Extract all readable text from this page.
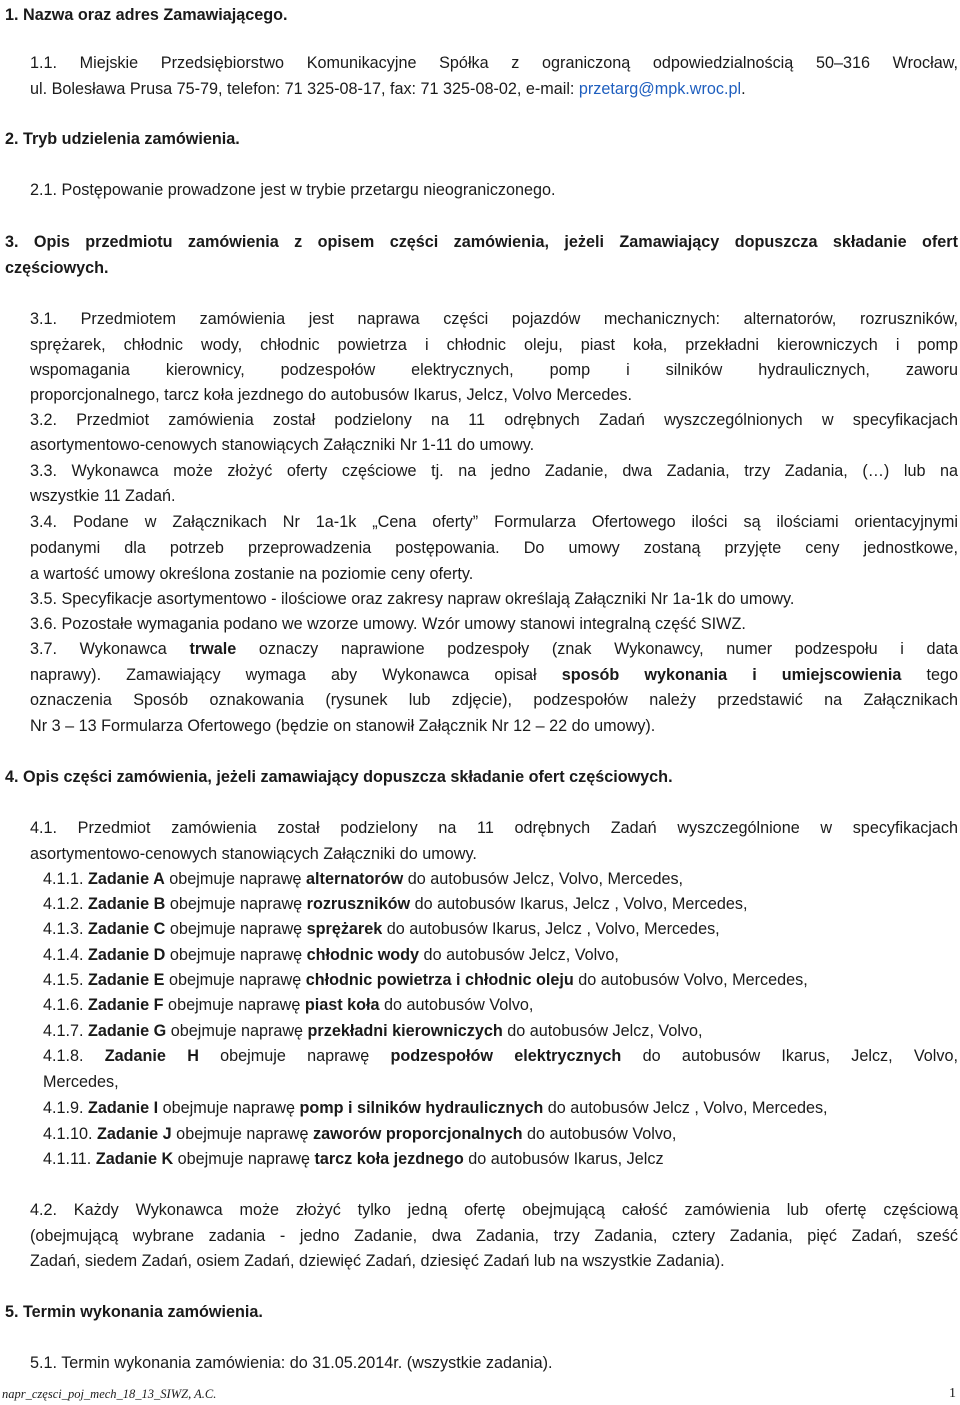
1. Nazwa oraz adres Zamawiającego.
1.1. Miejskie Przedsiębiorstwo Komunikacyjne Spółka z ograniczoną odpowiedzialnością 50–316 Wrocław,
ul. Bolesława Prusa 75-79, telefon: 71 325-08-17, fax: 71 325-08-02, e-mail: przetarg@mpk.wroc.pl.
2. Tryb udzielenia zamówienia.
2.1. Postępowanie prowadzone jest w trybie przetargu nieograniczonego.
3. Opis przedmiotu zamówienia z opisem części zamówienia, jeżeli Zamawiający dopuszcza składanie ofert
częściowych.
3.1. Przedmiotem zamówienia jest naprawa części pojazdów mechanicznych: alternatorów, rozruszników,
sprężarek, chłodnic wody, chłodnic powietrza i chłodnic oleju, piast koła, przekładni kierowniczych i pomp
wspomagania kierownicy, podzespołów elektrycznych, pomp i silników hydraulicznych, zaworu
proporcjonalnego, tarcz koła jezdnego do autobusów Ikarus, Jelcz, Volvo Mercedes.
3.2. Przedmiot zamówienia został podzielony na 11 odrębnych Zadań wyszczególnionych w specyfikacjach
asortymentowo-cenowych stanowiących Załączniki Nr 1-11 do umowy.
3.3. Wykonawca może złożyć oferty częściowe tj. na jedno Zadanie, dwa Zadania, trzy Zadania, (…) lub na
wszystkie 11 Zadań.
3.4. Podane w Załącznikach Nr 1a-1k „Cena oferty” Formularza Ofertowego ilości są ilościami orientacyjnymi
podanymi dla potrzeb przeprowadzenia postępowania. Do umowy zostaną przyjęte ceny jednostkowe,
a wartość umowy określona zostanie na poziomie ceny oferty.
3.5. Specyfikacje asortymentowo - ilościowe oraz zakresy napraw określają Załączniki Nr 1a-1k do umowy.
3.6. Pozostałe wymagania podano we wzorze umowy. Wzór umowy stanowi integralną część SIWZ.
3.7. Wykonawca trwale oznaczy naprawione podzespoły (znak Wykonawcy, numer podzespołu i data
naprawy). Zamawiający wymaga aby Wykonawca opisał sposób wykonania i umiejscowienia tego
oznaczenia Sposób oznakowania (rysunek lub zdjęcie), podzespołów należy przedstawić na Załącznikach
Nr 3 – 13 Formularza Ofertowego (będzie on stanowił Załącznik Nr 12 – 22 do umowy).
4. Opis części zamówienia, jeżeli zamawiający dopuszcza składanie ofert częściowych.
4.1. Przedmiot zamówienia został podzielony na 11 odrębnych Zadań wyszczególnione w specyfikacjach
asortymentowo-cenowych stanowiących Załączniki do umowy.
4.1.1. Zadanie A obejmuje naprawę alternatorów do autobusów Jelcz, Volvo, Mercedes,
4.1.2. Zadanie B obejmuje naprawę rozruszników do autobusów Ikarus, Jelcz , Volvo, Mercedes,
4.1.3. Zadanie C obejmuje naprawę sprężarek do autobusów Ikarus, Jelcz , Volvo, Mercedes,
4.1.4. Zadanie D obejmuje naprawę chłodnic wody do autobusów Jelcz, Volvo,
4.1.5. Zadanie E obejmuje naprawę chłodnic powietrza i chłodnic oleju do autobusów Volvo, Mercedes,
4.1.6. Zadanie F obejmuje naprawę piast koła do autobusów Volvo,
4.1.7. Zadanie G obejmuje naprawę przekładni kierowniczych do autobusów Jelcz, Volvo,
4.1.8. Zadanie H obejmuje naprawę podzespołów elektrycznych do autobusów Ikarus, Jelcz, Volvo,
Mercedes,
4.1.9. Zadanie I obejmuje naprawę pomp i silników hydraulicznych do autobusów Jelcz , Volvo, Mercedes,
4.1.10. Zadanie J obejmuje naprawę zaworów proporcjonalnych do autobusów Volvo,
4.1.11. Zadanie K obejmuje naprawę tarcz koła jezdnego do autobusów Ikarus, Jelcz
4.2. Każdy Wykonawca może złożyć tylko jedną ofertę obejmującą całość zamówienia lub ofertę częściową
(obejmującą wybrane zadania - jedno Zadanie, dwa Zadania, trzy Zadania, cztery Zadania, pięć Zadań, sześć
Zadań, siedem Zadań, osiem Zadań, dziewięć Zadań, dziesięć Zadań lub na wszystkie Zadania).
5. Termin wykonania zamówienia.
5.1. Termin wykonania zamówienia: do 31.05.2014r. (wszystkie zadania).
napr_częsci_poj_mech_18_13_SIWZ, A.C.	1
